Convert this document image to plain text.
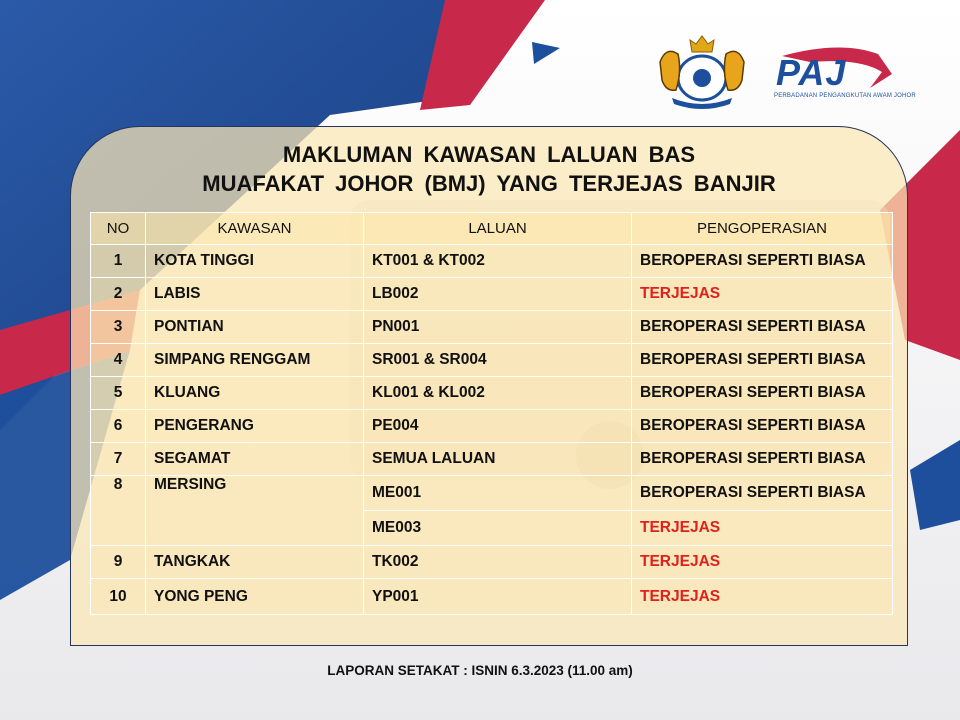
PAJ
PERBADANAN PENGANGKUTAN AWAM JOHOR
MAKLUMAN KAWASAN LALUAN BAS
MUAFAKAT JOHOR (BMJ) YANG TERJEJAS BANJIR
NO	KAWASAN	LALUAN	PENGOPERASIAN
1	KOTA TINGGI	KT001 & KT002	BEROPERASI SEPERTI BIASA
2	LABIS	LB002	TERJEJAS
3	PONTIAN	PN001	BEROPERASI SEPERTI BIASA
4	SIMPANG RENGGAM	SR001 & SR004	BEROPERASI SEPERTI BIASA
5	KLUANG	KL001 & KL002	BEROPERASI SEPERTI BIASA
6	PENGERANG	PE004	BEROPERASI SEPERTI BIASA
7	SEGAMAT	SEMUA LALUAN	BEROPERASI SEPERTI BIASA
8	MERSING	ME001	BEROPERASI SEPERTI BIASA
		ME003	TERJEJAS
9	TANGKAK	TK002	TERJEJAS
10	YONG PENG	YP001	TERJEJAS
LAPORAN SETAKAT : ISNIN 6.3.2023 (11.00 am)
